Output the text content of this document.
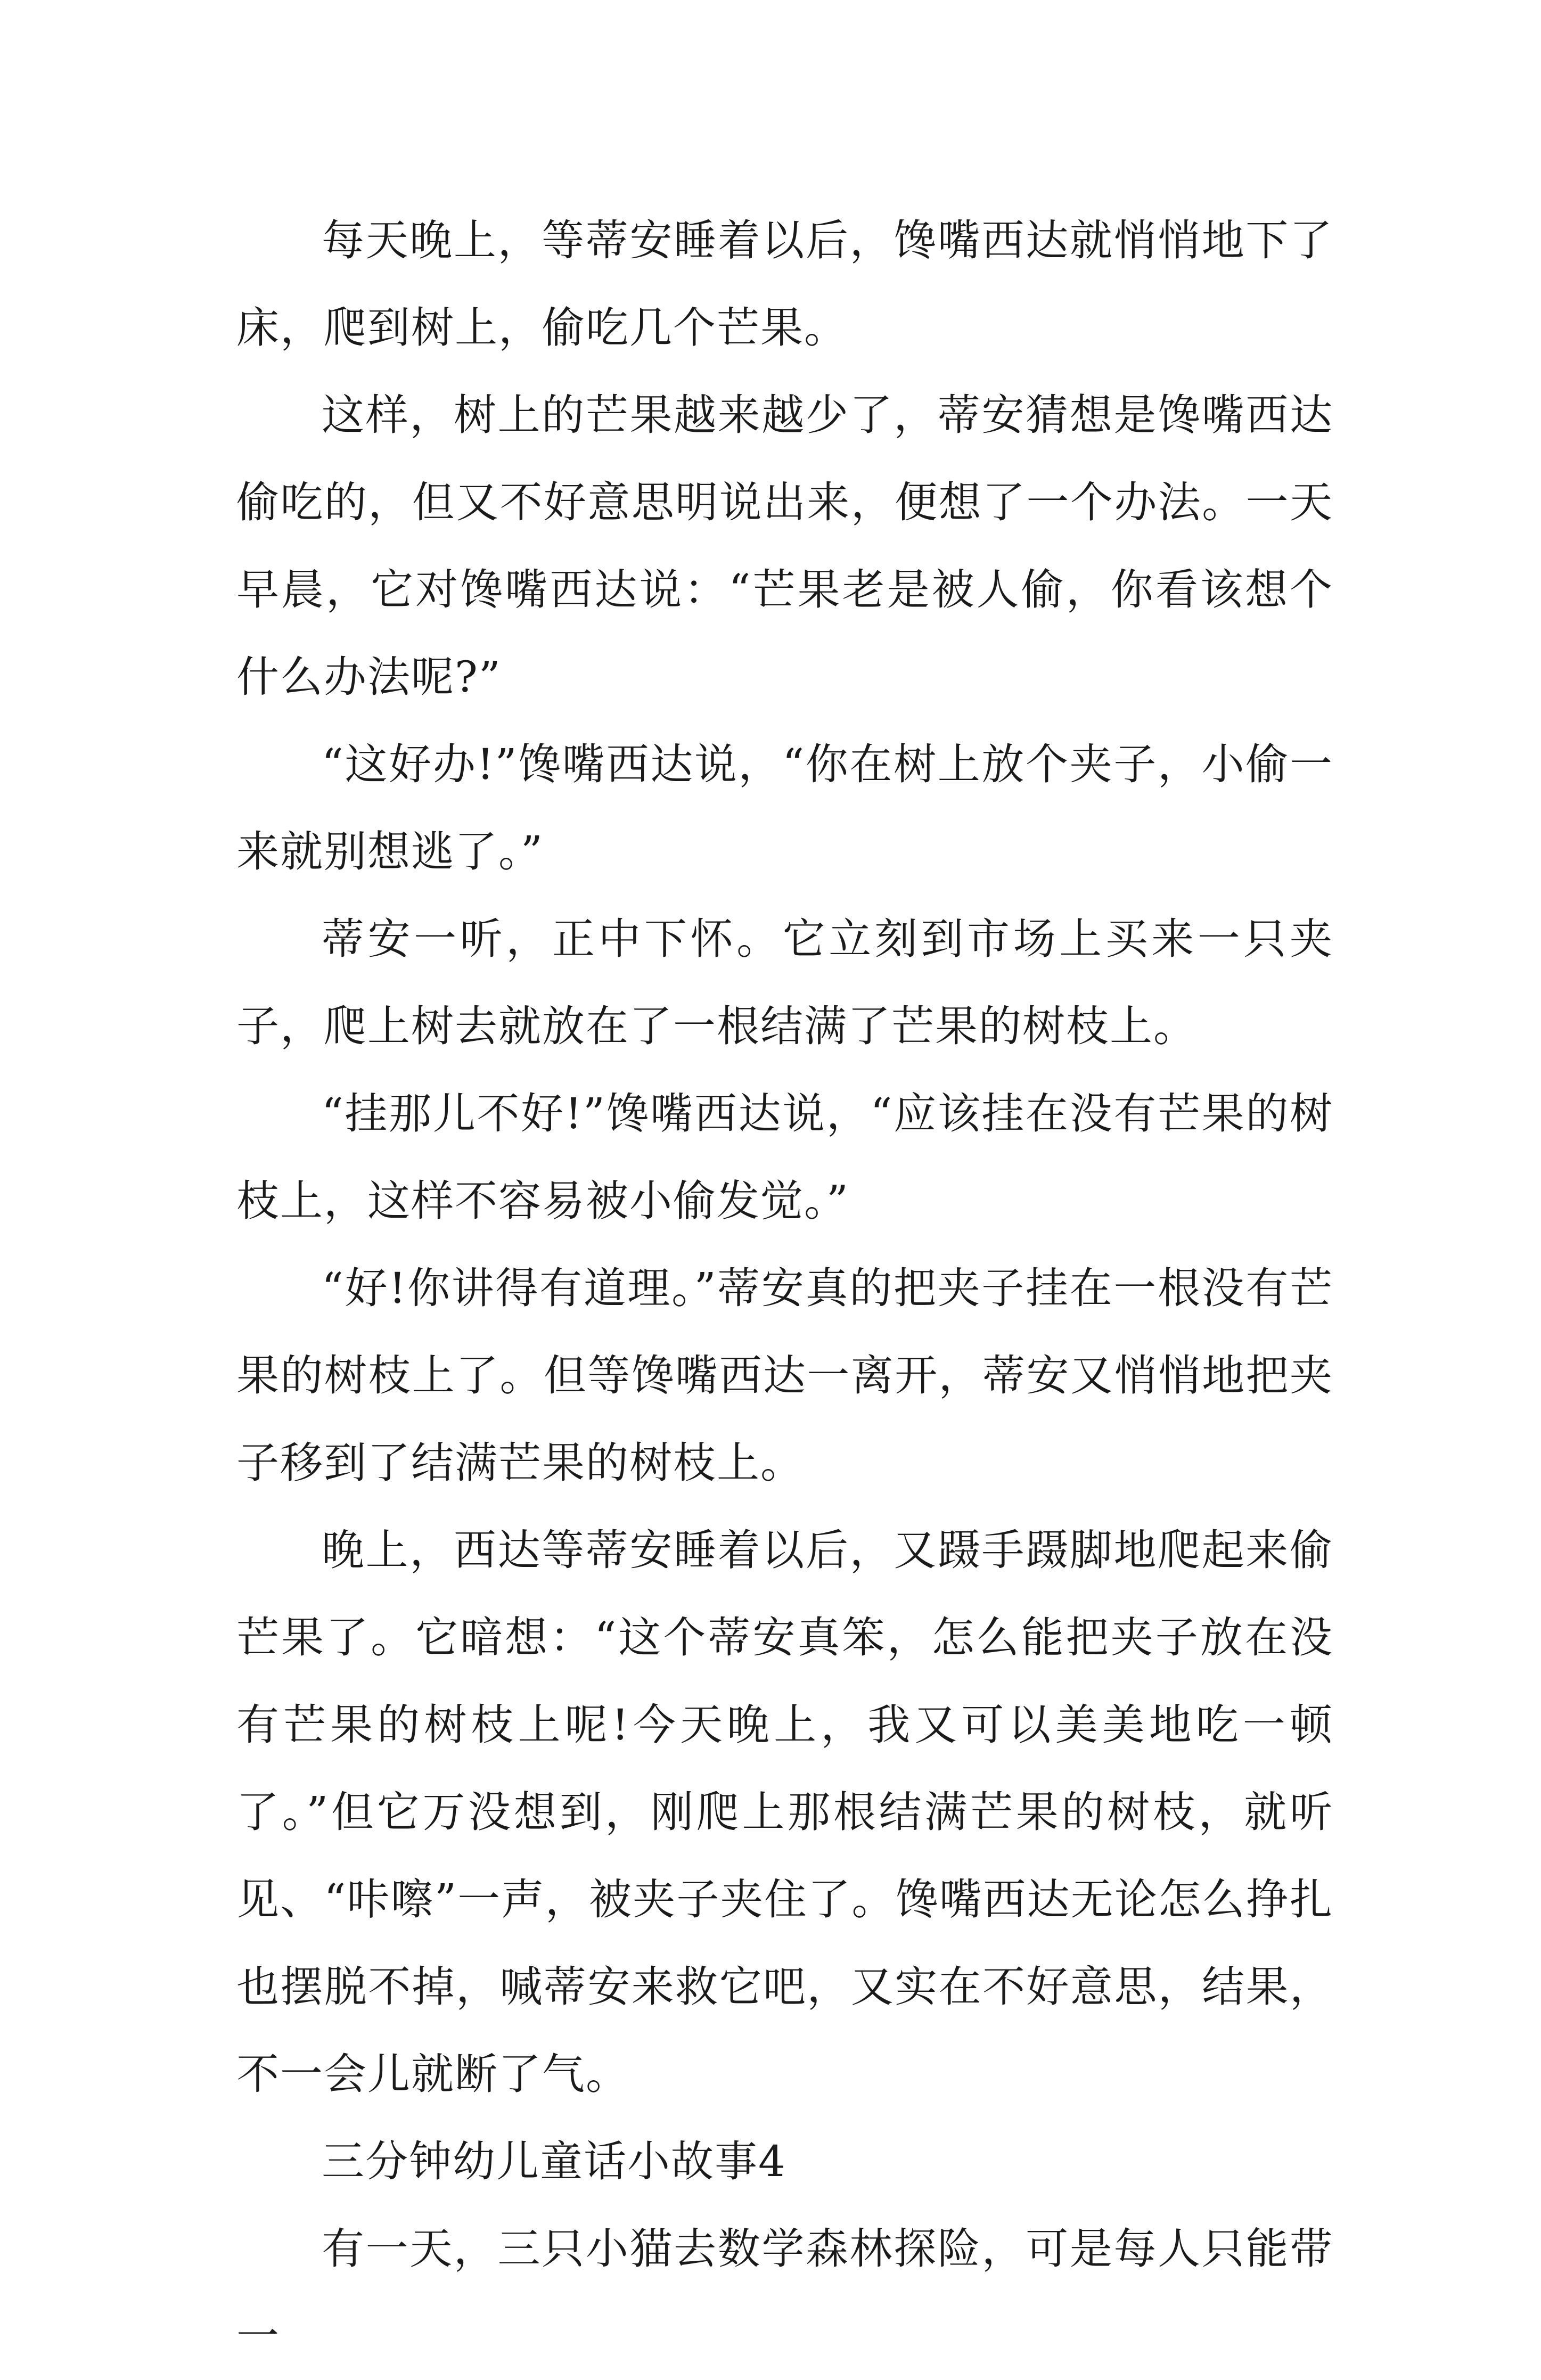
每天晚上，等蒂安睡着以后，馋嘴西达就悄悄地下了床，爬到树上，偷吃几个芒果。

这样，树上的芒果越来越少了，蒂安猜想是馋嘴西达偷吃的，但又不好意思明说出来，便想了一个办法。一天早晨，它对馋嘴西达说：“芒果老是被人偷，你看该想个什么办法呢?”

“这好办!”馋嘴西达说，“你在树上放个夹子，小偷一来就别想逃了。”

蒂安一听，正中下怀。它立刻到市场上买来一只夹子，爬上树去就放在了一根结满了芒果的树枝上。

“挂那儿不好!”馋嘴西达说，“应该挂在没有芒果的树枝上，这样不容易被小偷发觉。”

“好!你讲得有道理。”蒂安真的把夹子挂在一根没有芒果的树枝上了。但等馋嘴西达一离开，蒂安又悄悄地把夹子移到了结满芒果的树枝上。

晚上，西达等蒂安睡着以后，又蹑手蹑脚地爬起来偷芒果了。它暗想：“这个蒂安真笨，怎么能把夹子放在没有芒果的树枝上呢!今天晚上，我又可以美美地吃一顿了。”但它万没想到，刚爬上那根结满芒果的树枝，就听见、“咔嚓”一声，被夹子夹住了。馋嘴西达无论怎么挣扎也摆脱不掉，喊蒂安来救它吧，又实在不好意思，结果，不一会儿就断了气。

三分钟幼儿童话小故事4

有一天，三只小猫去数学森林探险，可是每人只能带一
